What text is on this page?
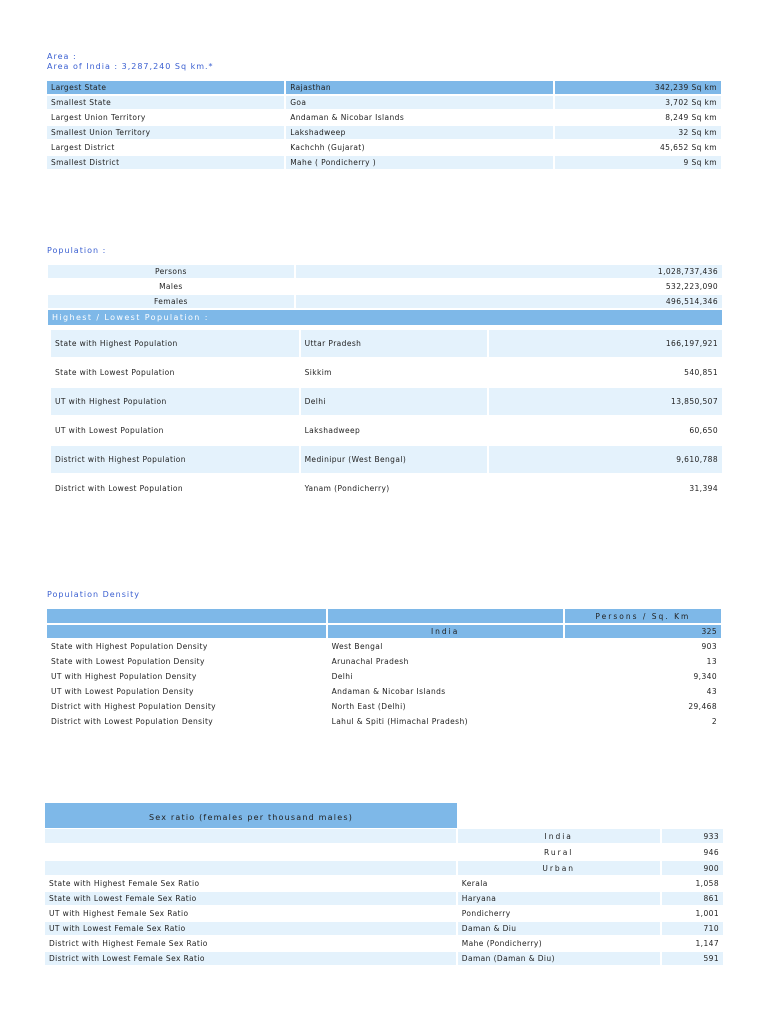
Area :
Area of India : 3,287,240 Sq km.*
Largest State	Rajasthan	342,239 Sq km
Smallest State	Goa	3,702 Sq km
Largest Union Territory	Andaman & Nicobar Islands	8,249 Sq km
Smallest Union Territory	Lakshadweep	32 Sq km
Largest District	Kachchh (Gujarat)	45,652 Sq km
Smallest District	Mahe ( Pondicherry )	9 Sq km
Population :
Persons	1,028,737,436
Males	532,223,090
Females	496,514,346
Highest / Lowest Population :	
State with Highest Population	Uttar Pradesh	166,197,921
State with Lowest Population	Sikkim	540,851
UT with Highest Population	Delhi	13,850,507
UT with Lowest Population	Lakshadweep	60,650
District with Highest Population	Medinipur (West Bengal)	9,610,788
District with Lowest Population	Yanam (Pondicherry)	31,394
Population Density
		Persons / Sq. Km
	India	325
State with Highest Population Density	West Bengal	903
State with Lowest Population Density	Arunachal Pradesh	13
UT with Highest Population Density	Delhi	9,340
UT with Lowest Population Density	Andaman & Nicobar Islands	43
District with Highest Population Density	North East (Delhi)	29,468
District with Lowest Population Density	Lahul & Spiti (Himachal Pradesh)	2
Sex ratio (females per thousand males)
	India	933
	Rural	946
	Urban	900
State with Highest Female Sex Ratio	Kerala	1,058
State with Lowest Female Sex Ratio	Haryana	861
UT with Highest Female Sex Ratio	Pondicherry	1,001
UT with Lowest Female Sex Ratio	Daman & Diu	710
District with Highest Female Sex Ratio	Mahe (Pondicherry)	1,147
District with Lowest Female Sex Ratio	Daman (Daman & Diu)	591
